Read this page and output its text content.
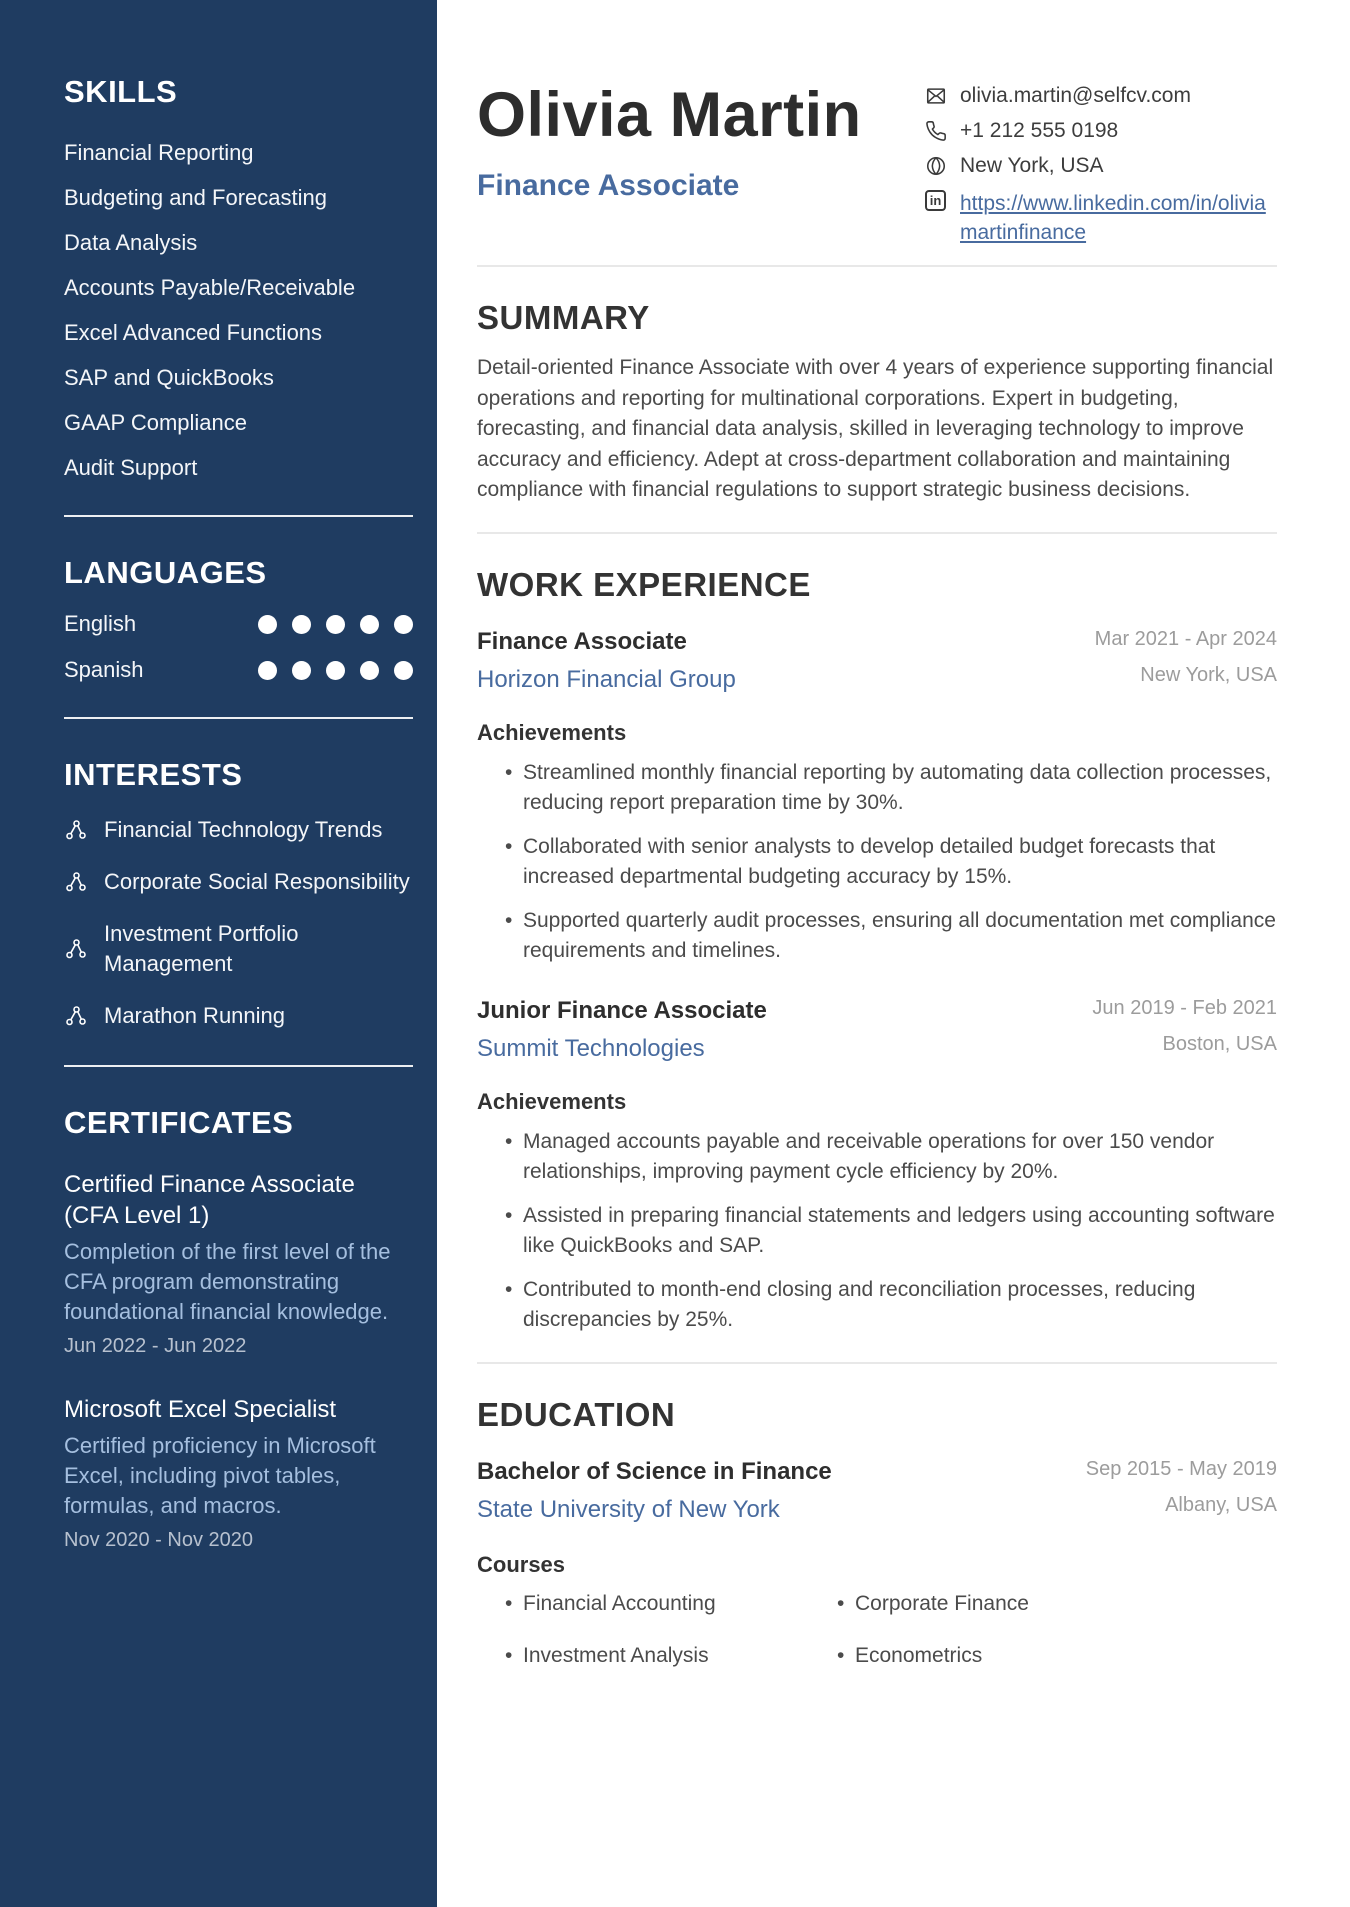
SKILLS
Financial Reporting
Budgeting and Forecasting
Data Analysis
Accounts Payable/Receivable
Excel Advanced Functions
SAP and QuickBooks
GAAP Compliance
Audit Support
LANGUAGES
English
Spanish
INTERESTS
Financial Technology Trends
Corporate Social Responsibility
Investment Portfolio Management
Marathon Running
CERTIFICATES
Certified Finance Associate (CFA Level 1)
Completion of the first level of the CFA program demonstrating foundational financial knowledge.
Jun 2022 - Jun 2022
Microsoft Excel Specialist
Certified proficiency in Microsoft Excel, including pivot tables, formulas, and macros.
Nov 2020 - Nov 2020
Olivia Martin
Finance Associate
olivia.martin@selfcv.com
+1 212 555 0198
New York, USA
in
https://www.linkedin.com/in/oliviamartinfinance
SUMMARY

Detail-oriented Finance Associate with over 4 years of experience supporting financial operations and reporting for multinational corporations. Expert in budgeting, forecasting, and financial data analysis, skilled in leveraging technology to improve accuracy and efficiency. Adept at cross-department collaboration and maintaining compliance with financial regulations to support strategic business decisions.

WORK EXPERIENCE
Finance Associate
Horizon Financial Group
Mar 2021 - Apr 2024
New York, USA
Achievements
• Streamlined monthly financial reporting by automating data collection processes, reducing report preparation time by 30%.
• Collaborated with senior analysts to develop detailed budget forecasts that increased departmental budgeting accuracy by 15%.
• Supported quarterly audit processes, ensuring all documentation met compliance requirements and timelines.
Junior Finance Associate
Summit Technologies
Jun 2019 - Feb 2021
Boston, USA
Achievements
• Managed accounts payable and receivable operations for over 150 vendor relationships, improving payment cycle efficiency by 20%.
• Assisted in preparing financial statements and ledgers using accounting software like QuickBooks and SAP.
• Contributed to month-end closing and reconciliation processes, reducing discrepancies by 25%.
EDUCATION
Bachelor of Science in Finance
State University of New York
Sep 2015 - May 2019
Albany, USA
Courses
• Financial Accounting	• Corporate Finance
• Investment Analysis	• Econometrics
